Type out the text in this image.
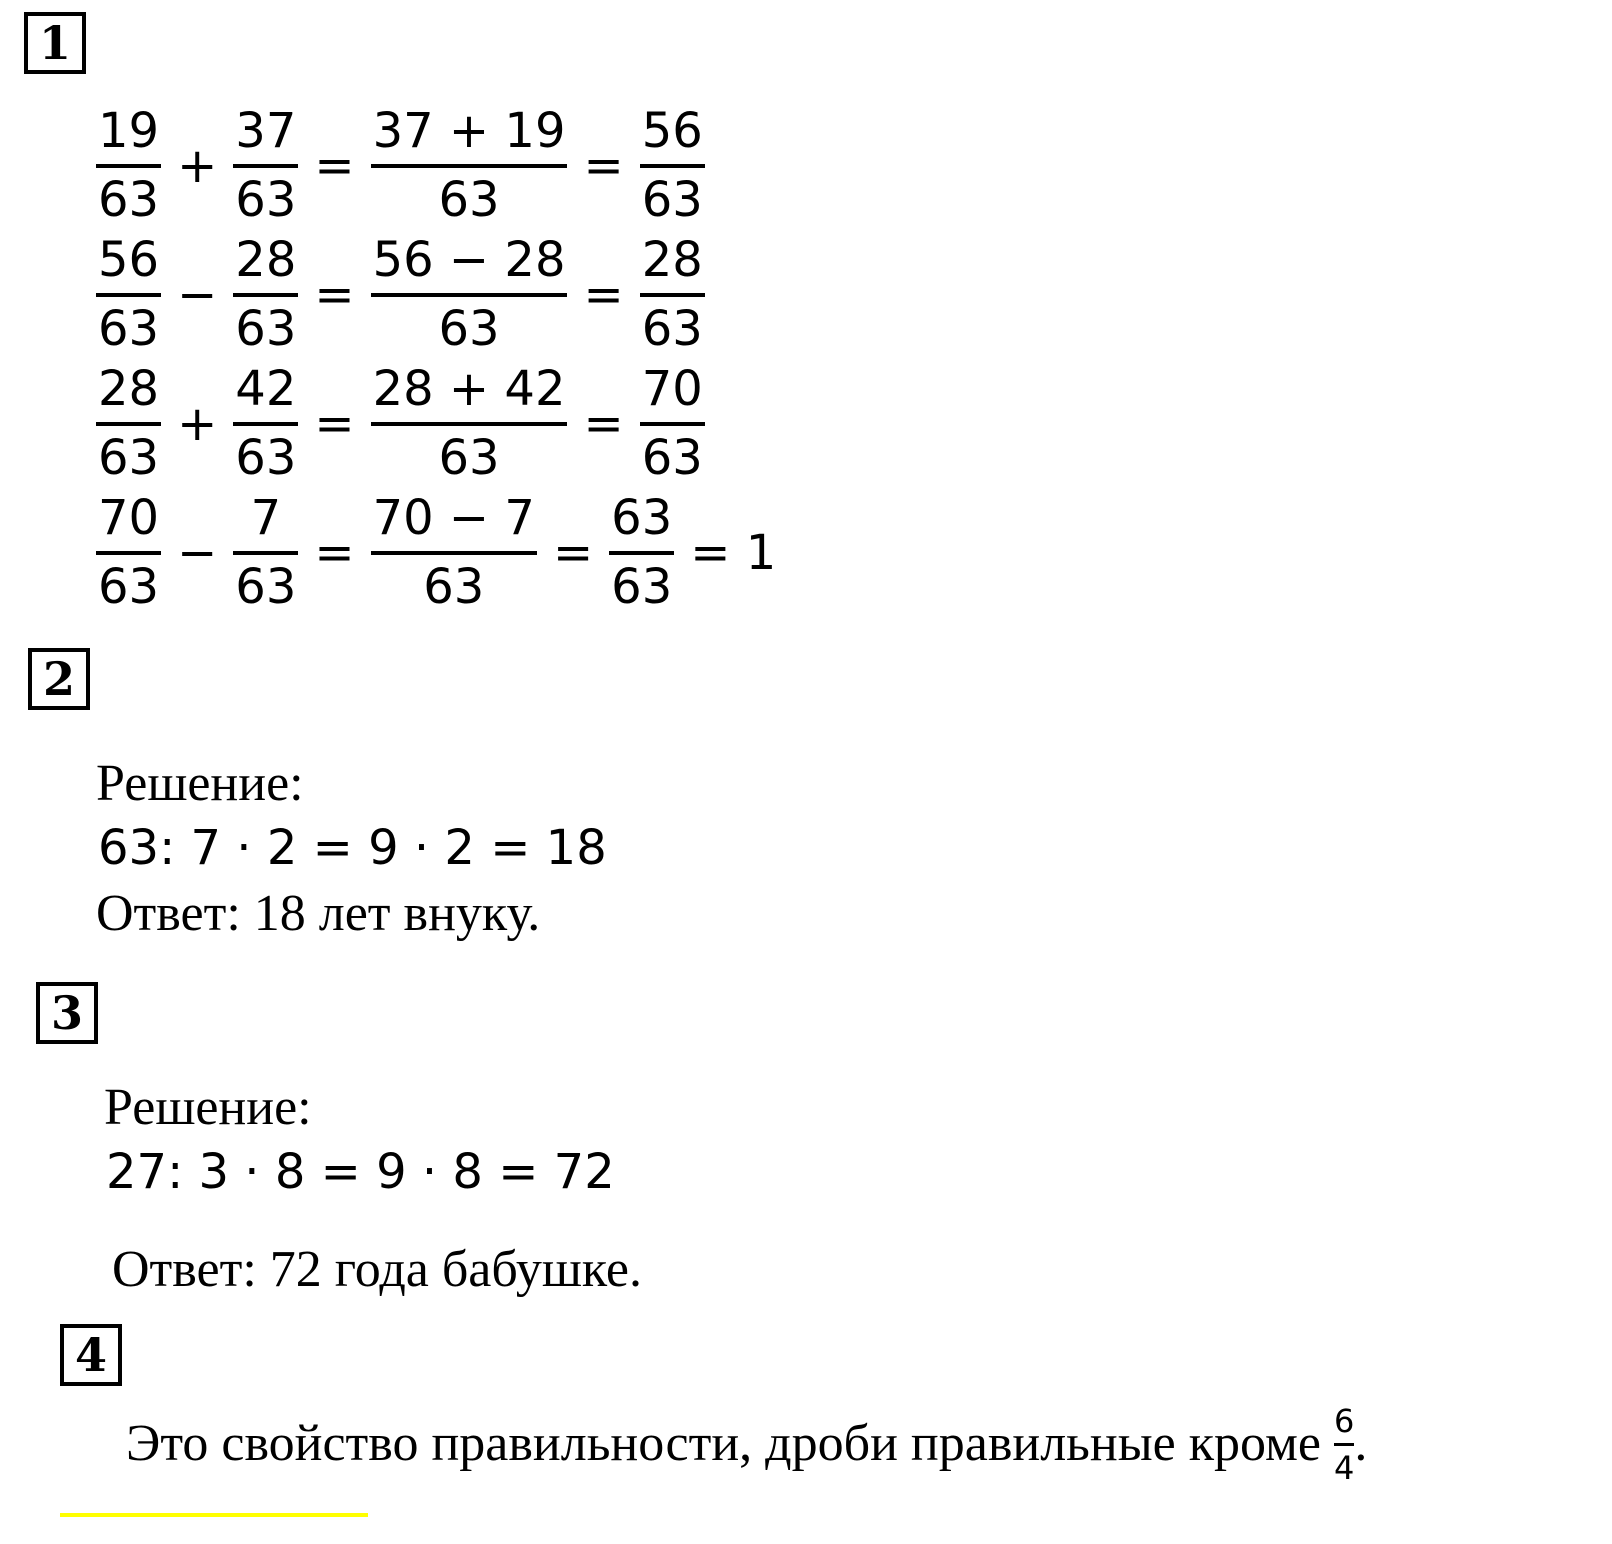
1
2
3
4
$\frac{19}{63} + \frac{37}{63} = \frac{37 + 19}{63} = \frac{56}{63}$
$\frac{56}{63} - \frac{28}{63} = \frac{56 - 28}{63} = \frac{28}{63}$
$\frac{28}{63} + \frac{42}{63} = \frac{28 + 42}{63} = \frac{70}{63}$
$\frac{70}{63} - \frac{7}{63} = \frac{70 - 7}{63} = \frac{63}{63} = 1$
Решение:
63: 7 · 2 = 9 · 2 = 18
Ответ: 18 лет внуку.
Решение:
27: 3 · 8 = 9 · 8 = 72
Ответ: 72 года бабушке.
Это свойство правильности, дроби правильные кроме $\frac{6}{4}$ .
